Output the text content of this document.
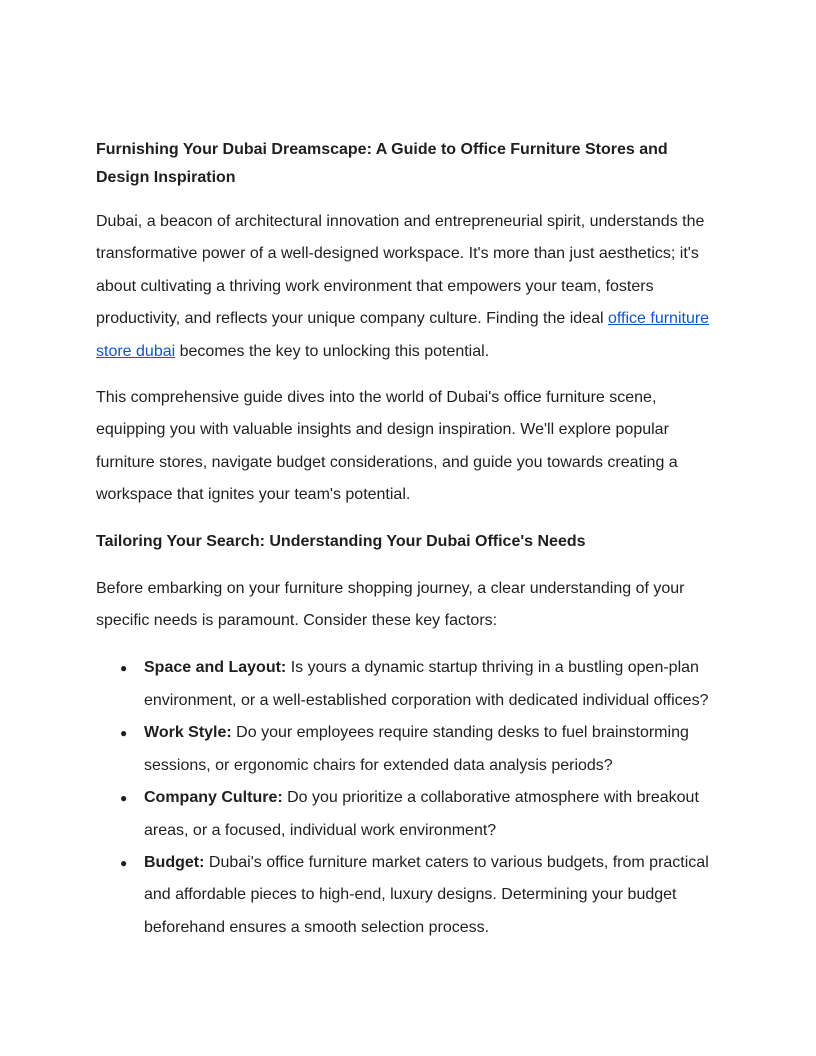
Furnishing Your Dubai Dreamscape: A Guide to Office Furniture Stores and Design Inspiration

Dubai, a beacon of architectural innovation and entrepreneurial spirit, understands the transformative power of a well-designed workspace. It's more than just aesthetics; it's about cultivating a thriving work environment that empowers your team, fosters productivity, and reflects your unique company culture. Finding the ideal office furniture store dubai becomes the key to unlocking this potential.

This comprehensive guide dives into the world of Dubai's office furniture scene, equipping you with valuable insights and design inspiration. We'll explore popular furniture stores, navigate budget considerations, and guide you towards creating a workspace that ignites your team's potential.

Tailoring Your Search: Understanding Your Dubai Office's Needs

Before embarking on your furniture shopping journey, a clear understanding of your specific needs is paramount. Consider these key factors:

● Space and Layout: Is yours a dynamic startup thriving in a bustling open-plan environment, or a well-established corporation with dedicated individual offices?
● Work Style: Do your employees require standing desks to fuel brainstorming sessions, or ergonomic chairs for extended data analysis periods?
● Company Culture: Do you prioritize a collaborative atmosphere with breakout areas, or a focused, individual work environment?
● Budget: Dubai's office furniture market caters to various budgets, from practical and affordable pieces to high-end, luxury designs. Determining your budget beforehand ensures a smooth selection process.
